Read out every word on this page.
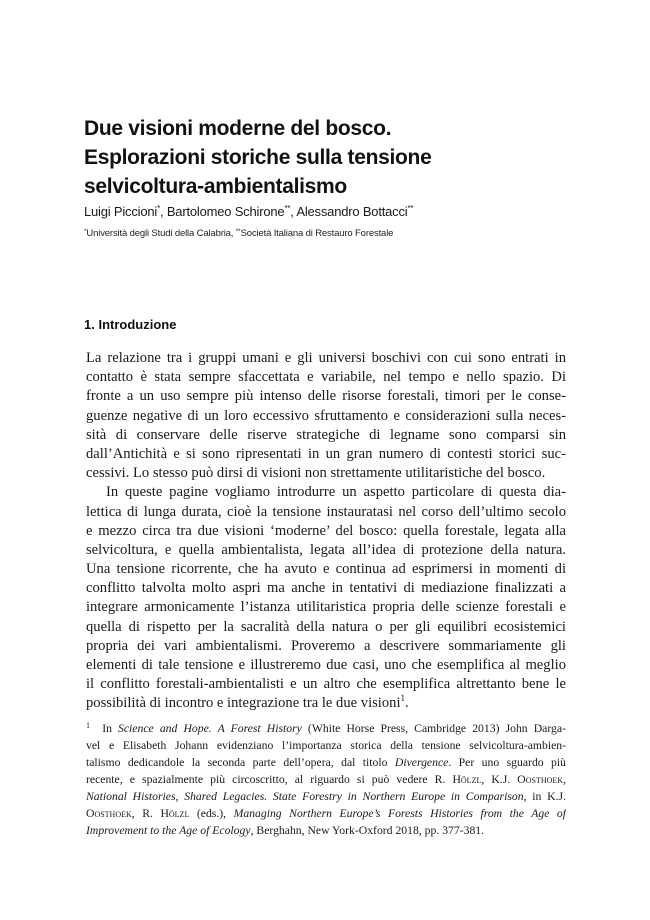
Due visioni moderne del bosco.
Esplorazioni storiche sulla tensione
selvicoltura-ambientalismo
Luigi Piccioni*, Bartolomeo Schirone**, Alessandro Bottacci**
*Università degli Studi della Calabria, **Società Italiana di Restauro Forestale
1. Introduzione
La relazione tra i gruppi umani e gli universi boschivi con cui sono entrati in
contatto è stata sempre sfaccettata e variabile, nel tempo e nello spazio. Di
fronte a un uso sempre più intenso delle risorse forestali, timori per le conse-
guenze negative di un loro eccessivo sfruttamento e considerazioni sulla neces-
sità di conservare delle riserve strategiche di legname sono comparsi sin
dall’Antichità e si sono ripresentati in un gran numero di contesti storici suc-
cessivi. Lo stesso può dirsi di visioni non strettamente utilitaristiche del bosco.
In queste pagine vogliamo introdurre un aspetto particolare di questa dia-
lettica di lunga durata, cioè la tensione instauratasi nel corso dell’ultimo secolo
e mezzo circa tra due visioni ‘moderne’ del bosco: quella forestale, legata alla
selvicoltura, e quella ambientalista, legata all’idea di protezione della natura.
Una tensione ricorrente, che ha avuto e continua ad esprimersi in momenti di
conflitto talvolta molto aspri ma anche in tentativi di mediazione finalizzati a
integrare armonicamente l’istanza utilitaristica propria delle scienze forestali e
quella di rispetto per la sacralità della natura o per gli equilibri ecosistemici
propria dei vari ambientalismi. Proveremo a descrivere sommariamente gli
elementi di tale tensione e illustreremo due casi, uno che esemplifica al meglio
il conflitto forestali-ambientalisti e un altro che esemplifica altrettanto bene le
possibilità di incontro e integrazione tra le due visioni$^1$.
$^1$  In Science and Hope. A Forest History (White Horse Press, Cambridge 2013) John Darga-
vel e Elisabeth Johann evidenziano l’importanza storica della tensione selvicoltura-ambien-
talismo dedicandole la seconda parte dell’opera, dal titolo Divergence. Per uno sguardo più
recente, e spazialmente più circoscritto, al riguardo si può vedere R. Hölzl, K.J. Oosthoek,
National Histories, Shared Legacies. State Forestry in Northern Europe in Comparison, in K.J.
Oosthoek, R. Hölzl (eds.), Managing Northern Europe’s Forests Histories from the Age of
Improvement to the Age of Ecology, Berghahn, New York-Oxford 2018, pp. 377-381.
